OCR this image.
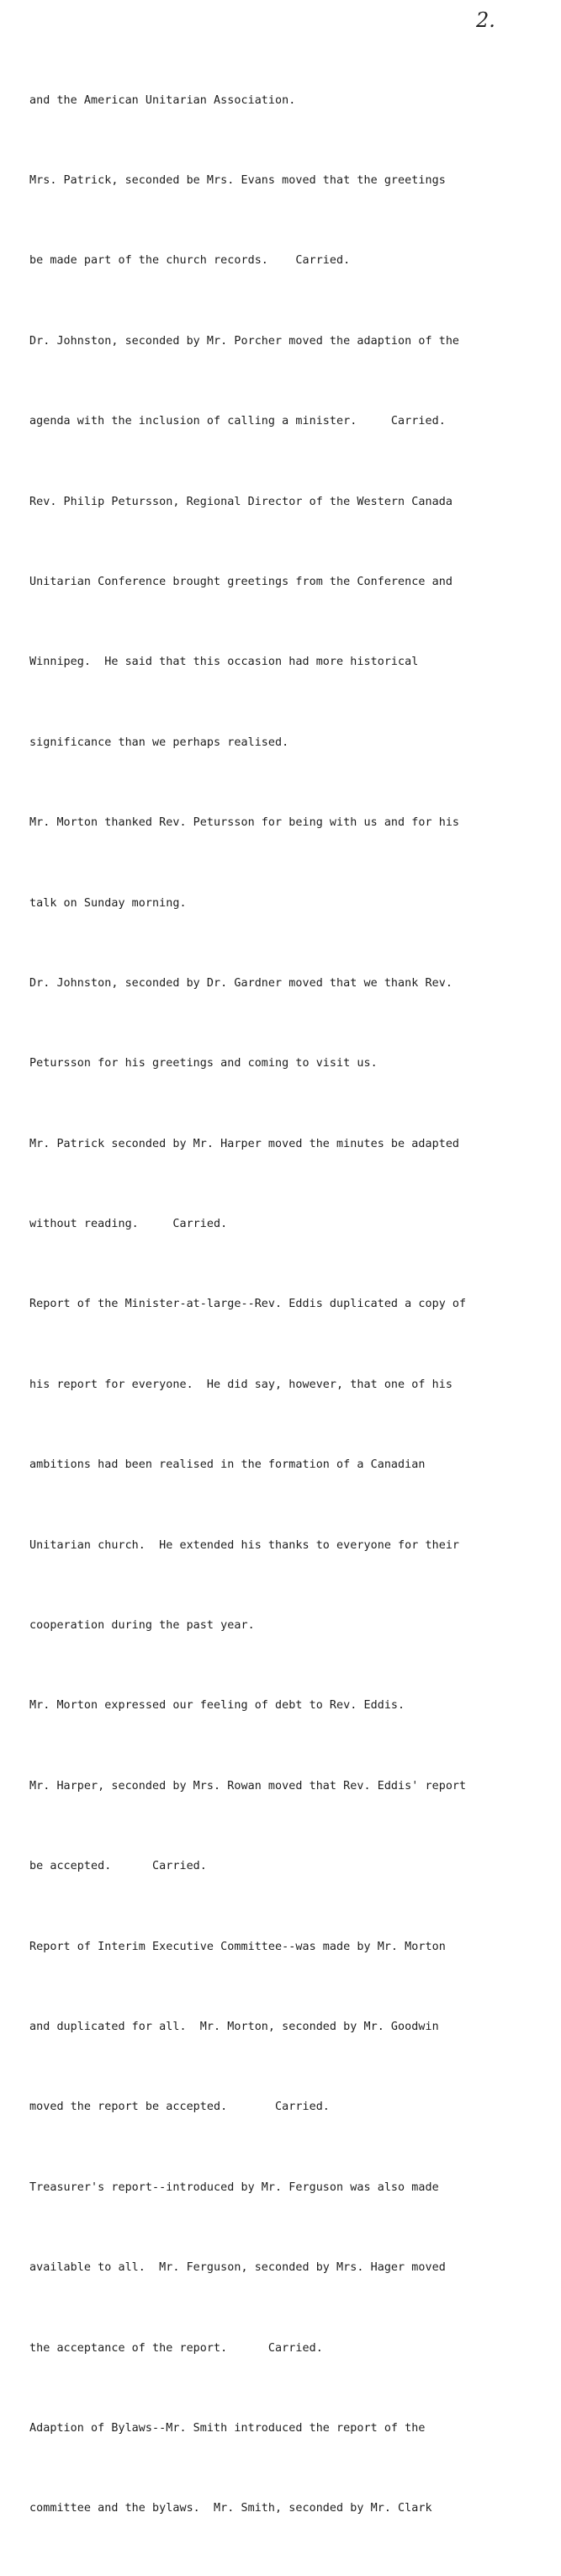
2.

and the American Unitarian Association.

Mrs. Patrick, seconded be Mrs. Evans moved that the greetings

be made part of the church records.    Carried.

Dr. Johnston, seconded by Mr. Porcher moved the adaption of the

agenda with the inclusion of calling a minister.     Carried.

Rev. Philip Petursson, Regional Director of the Western Canada

Unitarian Conference brought greetings from the Conference and

Winnipeg.  He said that this occasion had more historical

significance than we perhaps realised.

Mr. Morton thanked Rev. Petursson for being with us and for his

talk on Sunday morning.

Dr. Johnston, seconded by Dr. Gardner moved that we thank Rev.

Petursson for his greetings and coming to visit us.

Mr. Patrick seconded by Mr. Harper moved the minutes be adapted

without reading.     Carried.

Report of the Minister-at-large--Rev. Eddis duplicated a copy of

his report for everyone.  He did say, however, that one of his

ambitions had been realised in the formation of a Canadian

Unitarian church.  He extended his thanks to everyone for their

cooperation during the past year.

Mr. Morton expressed our feeling of debt to Rev. Eddis.

Mr. Harper, seconded by Mrs. Rowan moved that Rev. Eddis' report

be accepted.      Carried.

Report of Interim Executive Committee--was made by Mr. Morton

and duplicated for all.  Mr. Morton, seconded by Mr. Goodwin

moved the report be accepted.       Carried.

Treasurer's report--introduced by Mr. Ferguson was also made

available to all.  Mr. Ferguson, seconded by Mrs. Hager moved

the acceptance of the report.      Carried.

Adaption of Bylaws--Mr. Smith introduced the report of the

committee and the bylaws.  Mr. Smith, seconded by Mr. Clark
